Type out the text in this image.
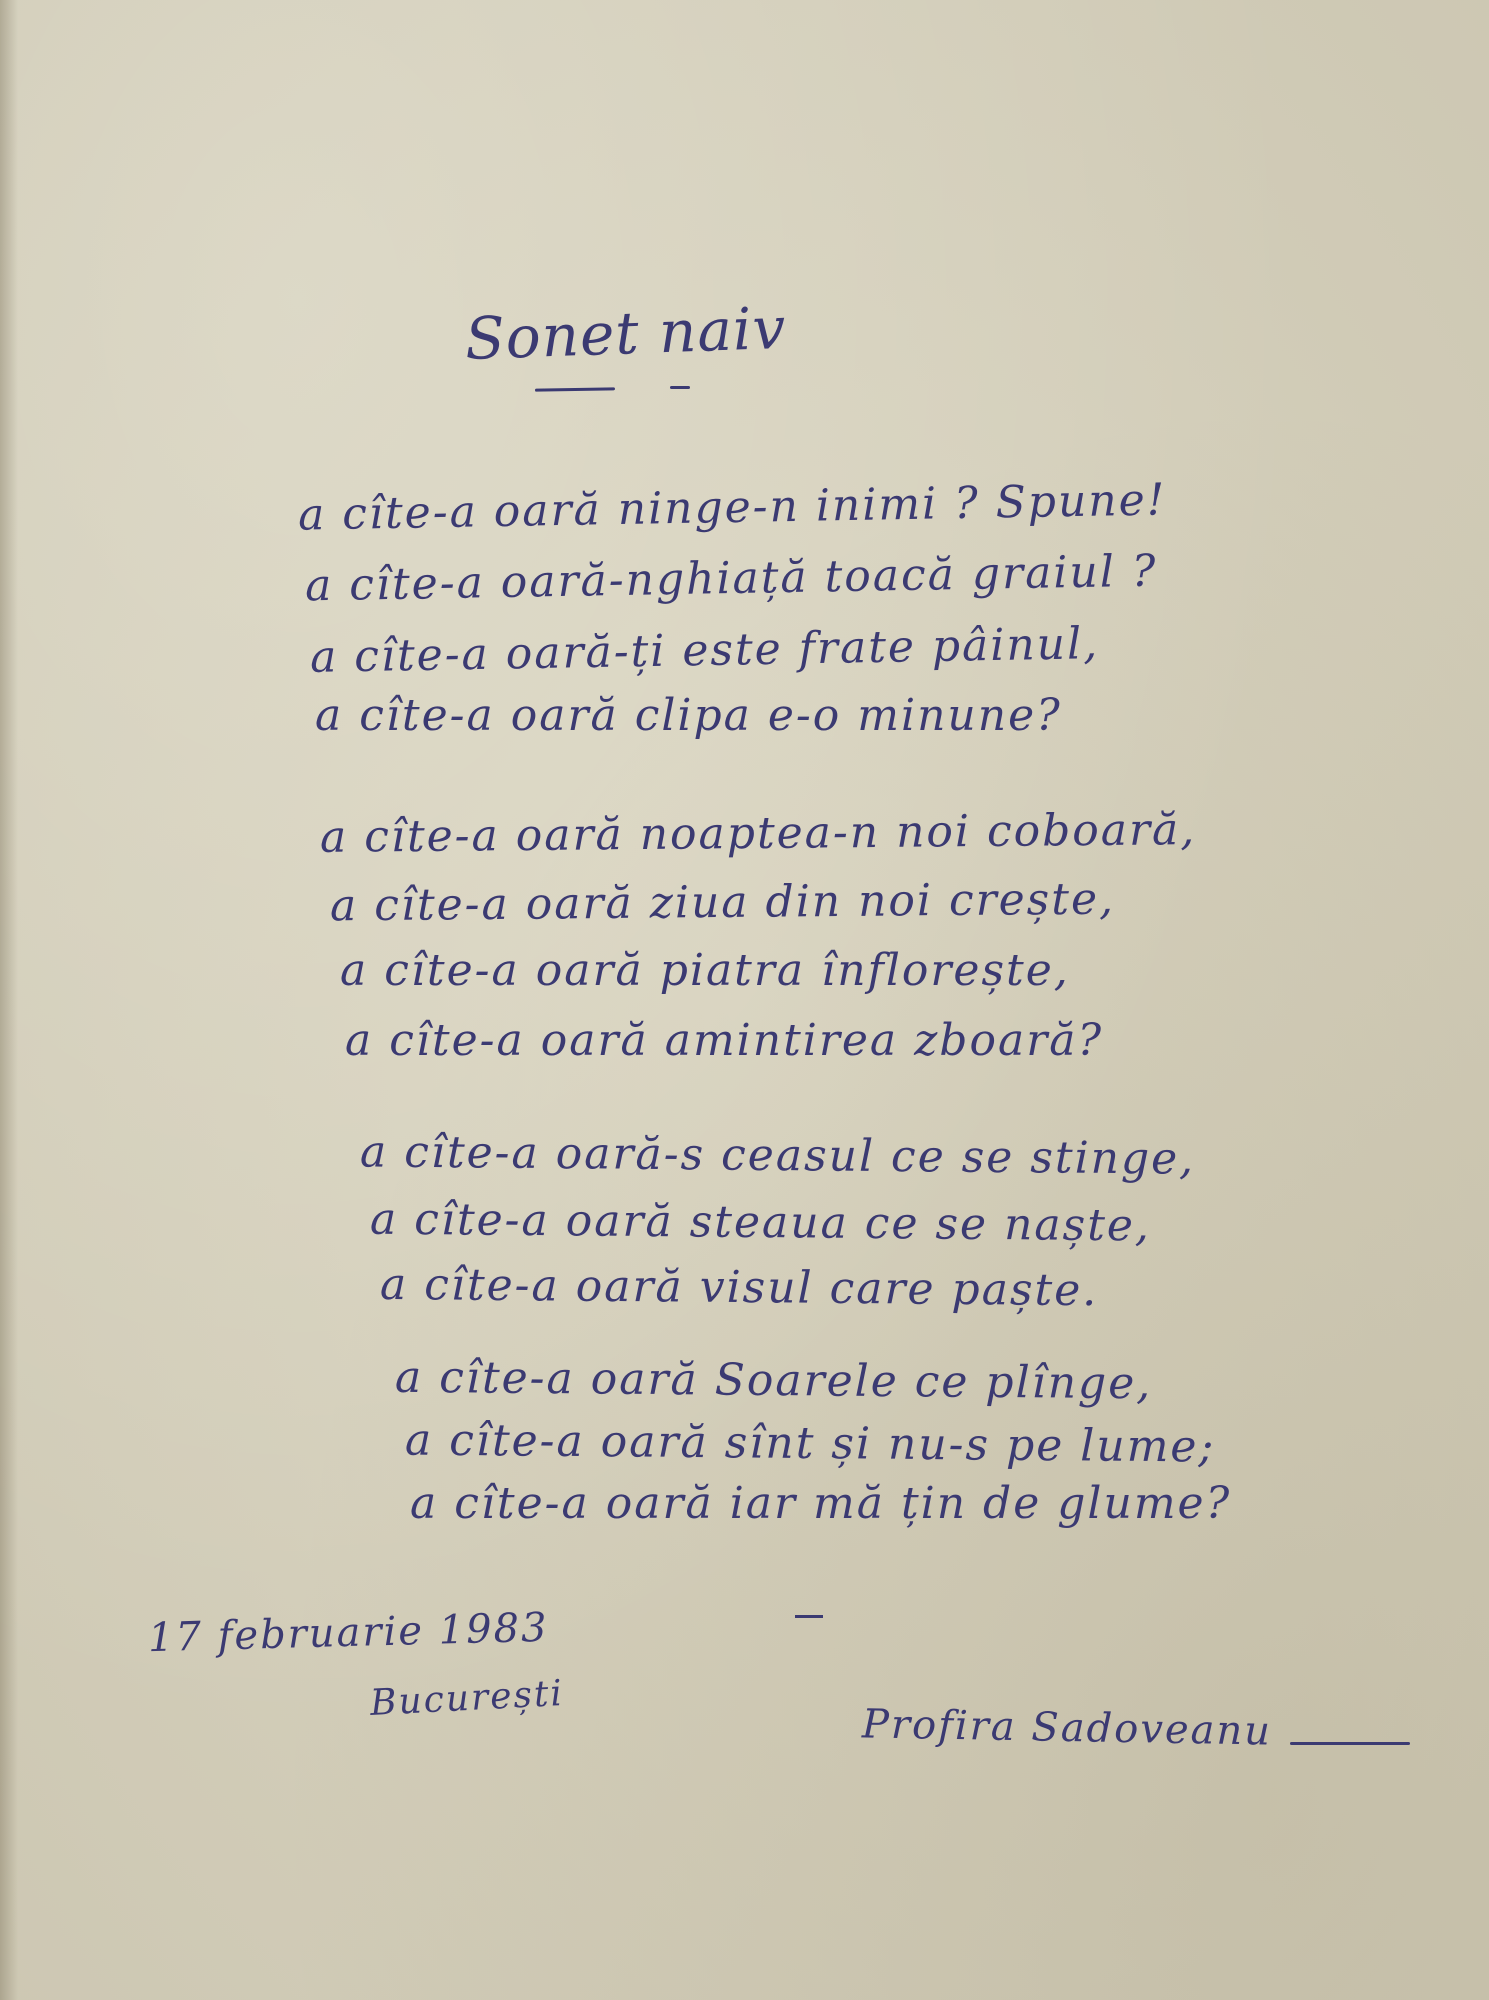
Sonet naiv
a cîte-a oară ninge-n inimi ? Spune!
a cîte-a oară-nghiață toacă graiul ?
a cîte-a oară-ți este frate pâinul,
a cîte-a oară clipa e-o minune?
a cîte-a oară noaptea-n noi coboară,
a cîte-a oară ziua din noi crește,
a cîte-a oară piatra înflorește,
a cîte-a oară amintirea zboară?
a cîte-a oară-s ceasul ce se stinge,
a cîte-a oară steaua ce se naște,
a cîte-a oară visul care paște.
a cîte-a oară Soarele ce plînge,
a cîte-a oară sînt și nu-s pe lume;
a cîte-a oară iar mă țin de glume?
17 februarie 1983
București
Profira Sadoveanu
